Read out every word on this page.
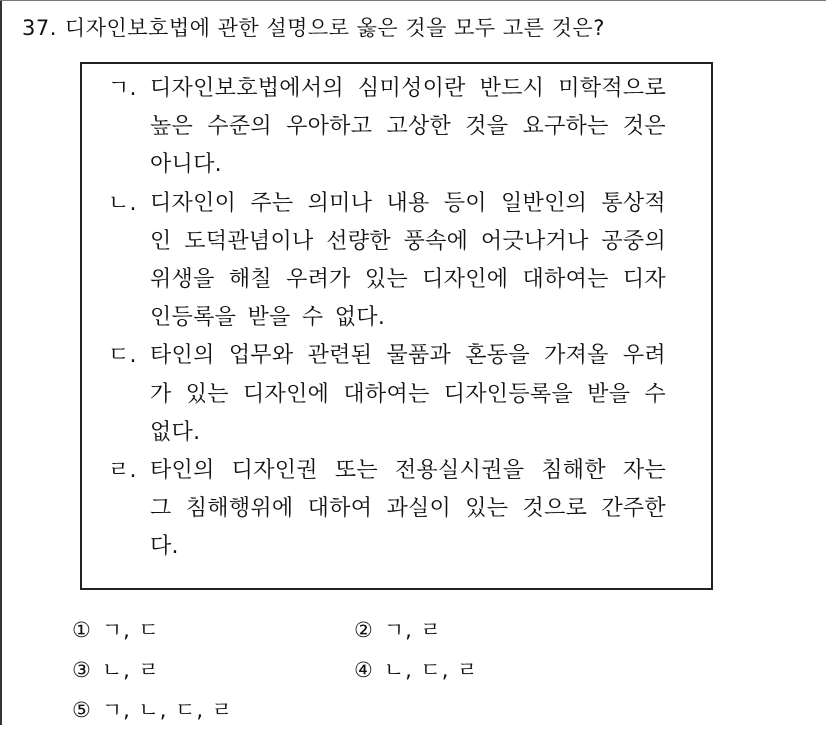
37. 디자인보호법에 관한 설명으로 옳은 것을 모두 고른 것은?
ㄱ. 디자인보호법에서의 심미성이란 반드시 미학적으로 높은 수준의 우아하고 고상한 것을 요구하는 것은 아니다.
ㄴ. 디자인이 주는 의미나 내용 등이 일반인의 통상적인 도덕관념이나 선량한 풍속에 어긋나거나 공중의 위생을 해칠 우려가 있는 디자인에 대하여는 디자인등록을 받을 수 없다.
ㄷ. 타인의 업무와 관련된 물품과 혼동을 가져올 우려가 있는 디자인에 대하여는 디자인등록을 받을 수 없다.
ㄹ. 타인의 디자인권 또는 전용실시권을 침해한 자는 그 침해행위에 대하여 과실이 있는 것으로 간주한다.
① ㄱ, ㄷ	② ㄱ, ㄹ
③ ㄴ, ㄹ	④ ㄴ, ㄷ, ㄹ
⑤ ㄱ, ㄴ, ㄷ, ㄹ
